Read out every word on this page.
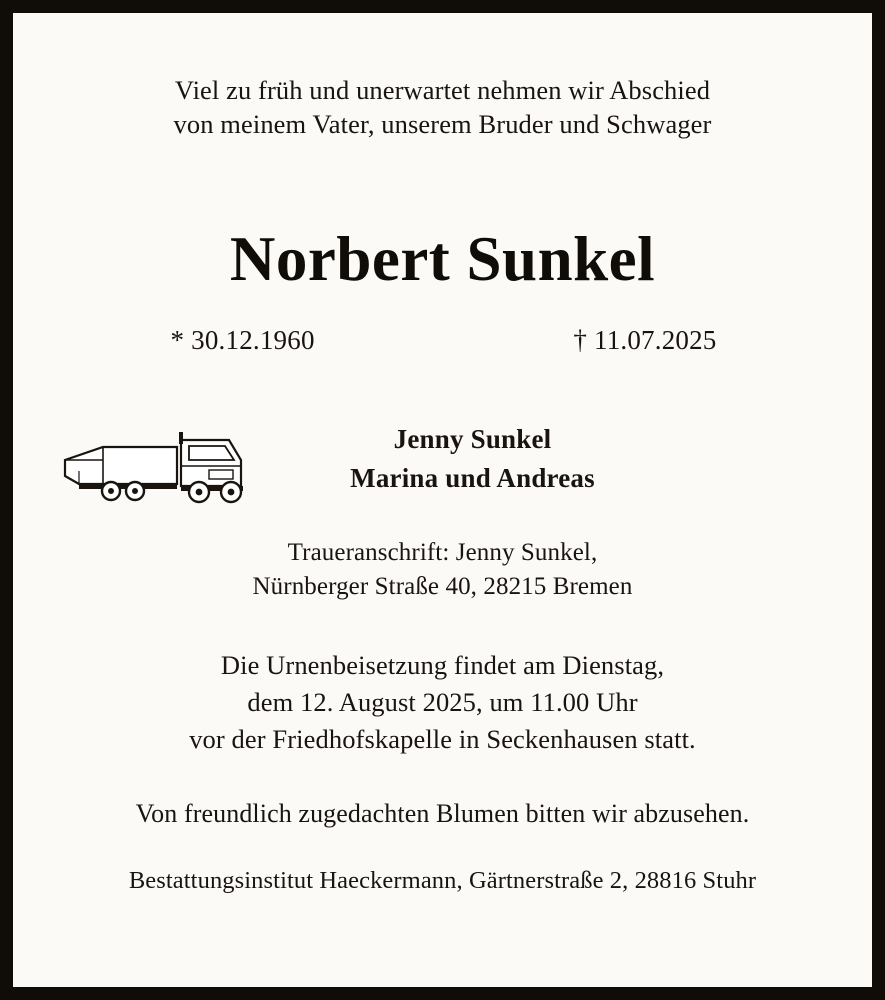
Viel zu früh und unerwartet nehmen wir Abschied
von meinem Vater, unserem Bruder und Schwager
Norbert Sunkel
* 30.12.1960	† 11.07.2025
Jenny Sunkel
Marina und Andreas
Traueranschrift: Jenny Sunkel,
Nürnberger Straße 40, 28215 Bremen
Die Urnenbeisetzung findet am Dienstag,
dem 12. August 2025, um 11.00 Uhr
vor der Friedhofskapelle in Seckenhausen statt.
Von freundlich zugedachten Blumen bitten wir abzusehen.
Bestattungsinstitut Haeckermann, Gärtnerstraße 2, 28816 Stuhr
